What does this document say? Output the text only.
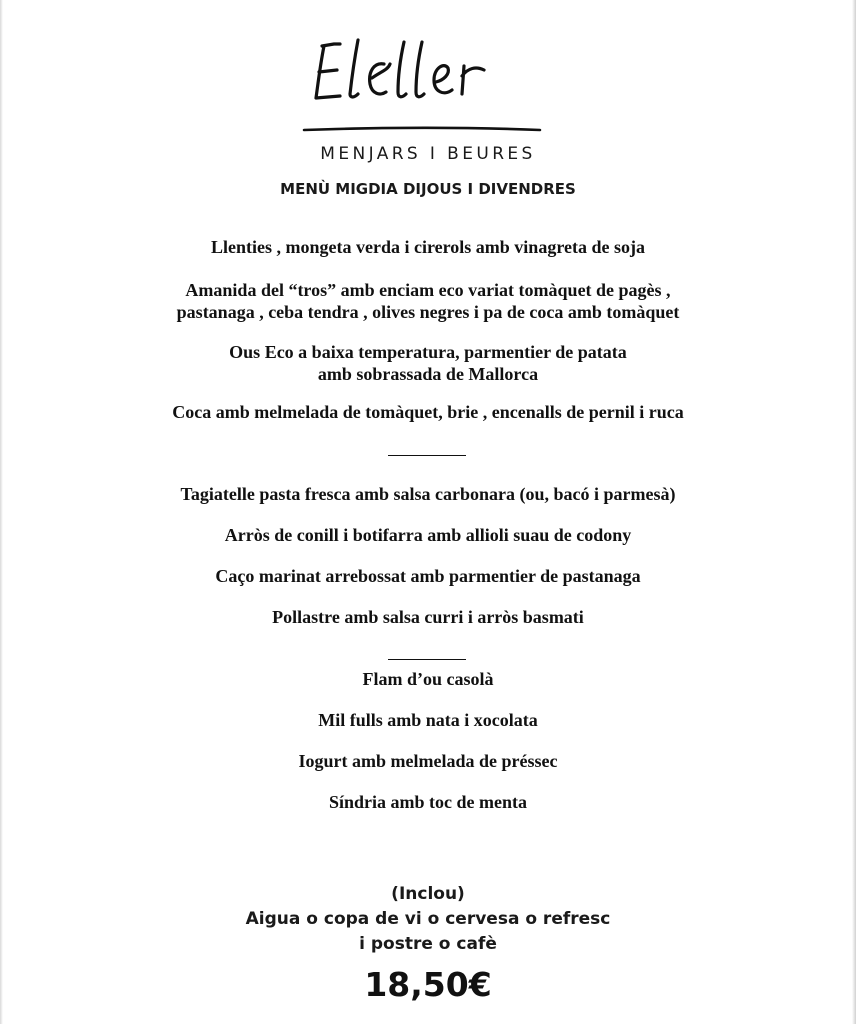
MENJARS I BEURES
MENÙ MIGDIA DIJOUS I DIVENDRES
Llenties , mongeta verda i cirerols amb vinagreta de soja
Amanida del “tros” amb enciam eco variat tomàquet de pagès ,
pastanaga , ceba tendra , olives negres i pa de coca amb tomàquet
Ous Eco a baixa temperatura, parmentier de patata
amb sobrassada de Mallorca
Coca amb melmelada de tomàquet, brie , encenalls de pernil i ruca
Tagiatelle pasta fresca amb salsa carbonara (ou, bacó i parmesà)
Arròs de conill i botifarra amb allioli suau de codony
Caço marinat arrebossat amb parmentier de pastanaga
Pollastre amb salsa curri i arròs basmati
Flam d’ou casolà
Mil fulls amb nata i xocolata
Iogurt amb melmelada de préssec
Síndria amb toc de menta
(Inclou)
Aigua o copa de vi o cervesa o refresc
i postre o cafè
18,50€
